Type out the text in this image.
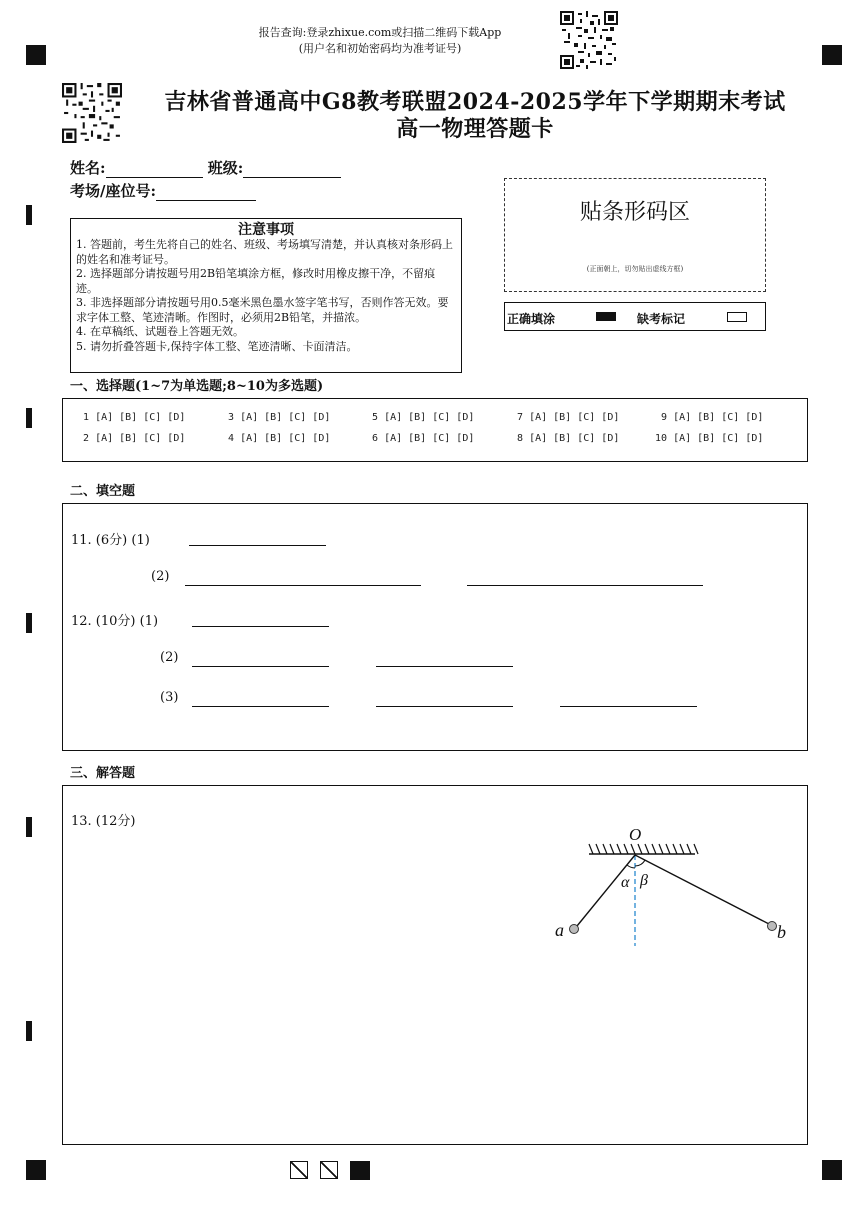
报告查询:登录zhixue.com或扫描二维码下载App
(用户名和初始密码均为准考证号)
吉林省普通高中G8教考联盟2024-2025学年下学期期末考试
高一物理答题卡
姓名:	班级:
考场/座位号:
贴条形码区
(正面朝上，切勿贴出虚线方框)
正确填涂	缺考标记
注意事项
1. 答题前，考生先将自己的姓名、班级、考场填写清楚，并认真核对条形码上的姓名和准考证号。
2. 选择题部分请按题号用2B铅笔填涂方框，修改时用橡皮擦干净，不留痕迹。
3. 非选择题部分请按题号用0.5毫米黑色墨水签字笔书写，否则作答无效。要求字体工整、笔迹清晰。作图时，必须用2B铅笔，并描浓。
4. 在草稿纸、试题卷上答题无效。
5. 请勿折叠答题卡,保持字体工整、笔迹清晰、卡面清洁。
一、选择题(1~7为单选题;8~10为多选题)
1 [A] [B] [C] [D]
2 [A] [B] [C] [D]
3 [A] [B] [C] [D]
4 [A] [B] [C] [D]
5 [A] [B] [C] [D]
6 [A] [B] [C] [D]
7 [A] [B] [C] [D]
8 [A] [B] [C] [D]
9 [A] [B] [C] [D]
10 [A] [B] [C] [D]
二、填空题
11. (6分) (1)
(2)
12. (10分) (1)
(2)
(3)
三、解答题
13. (12分)
O
α β
a	b
